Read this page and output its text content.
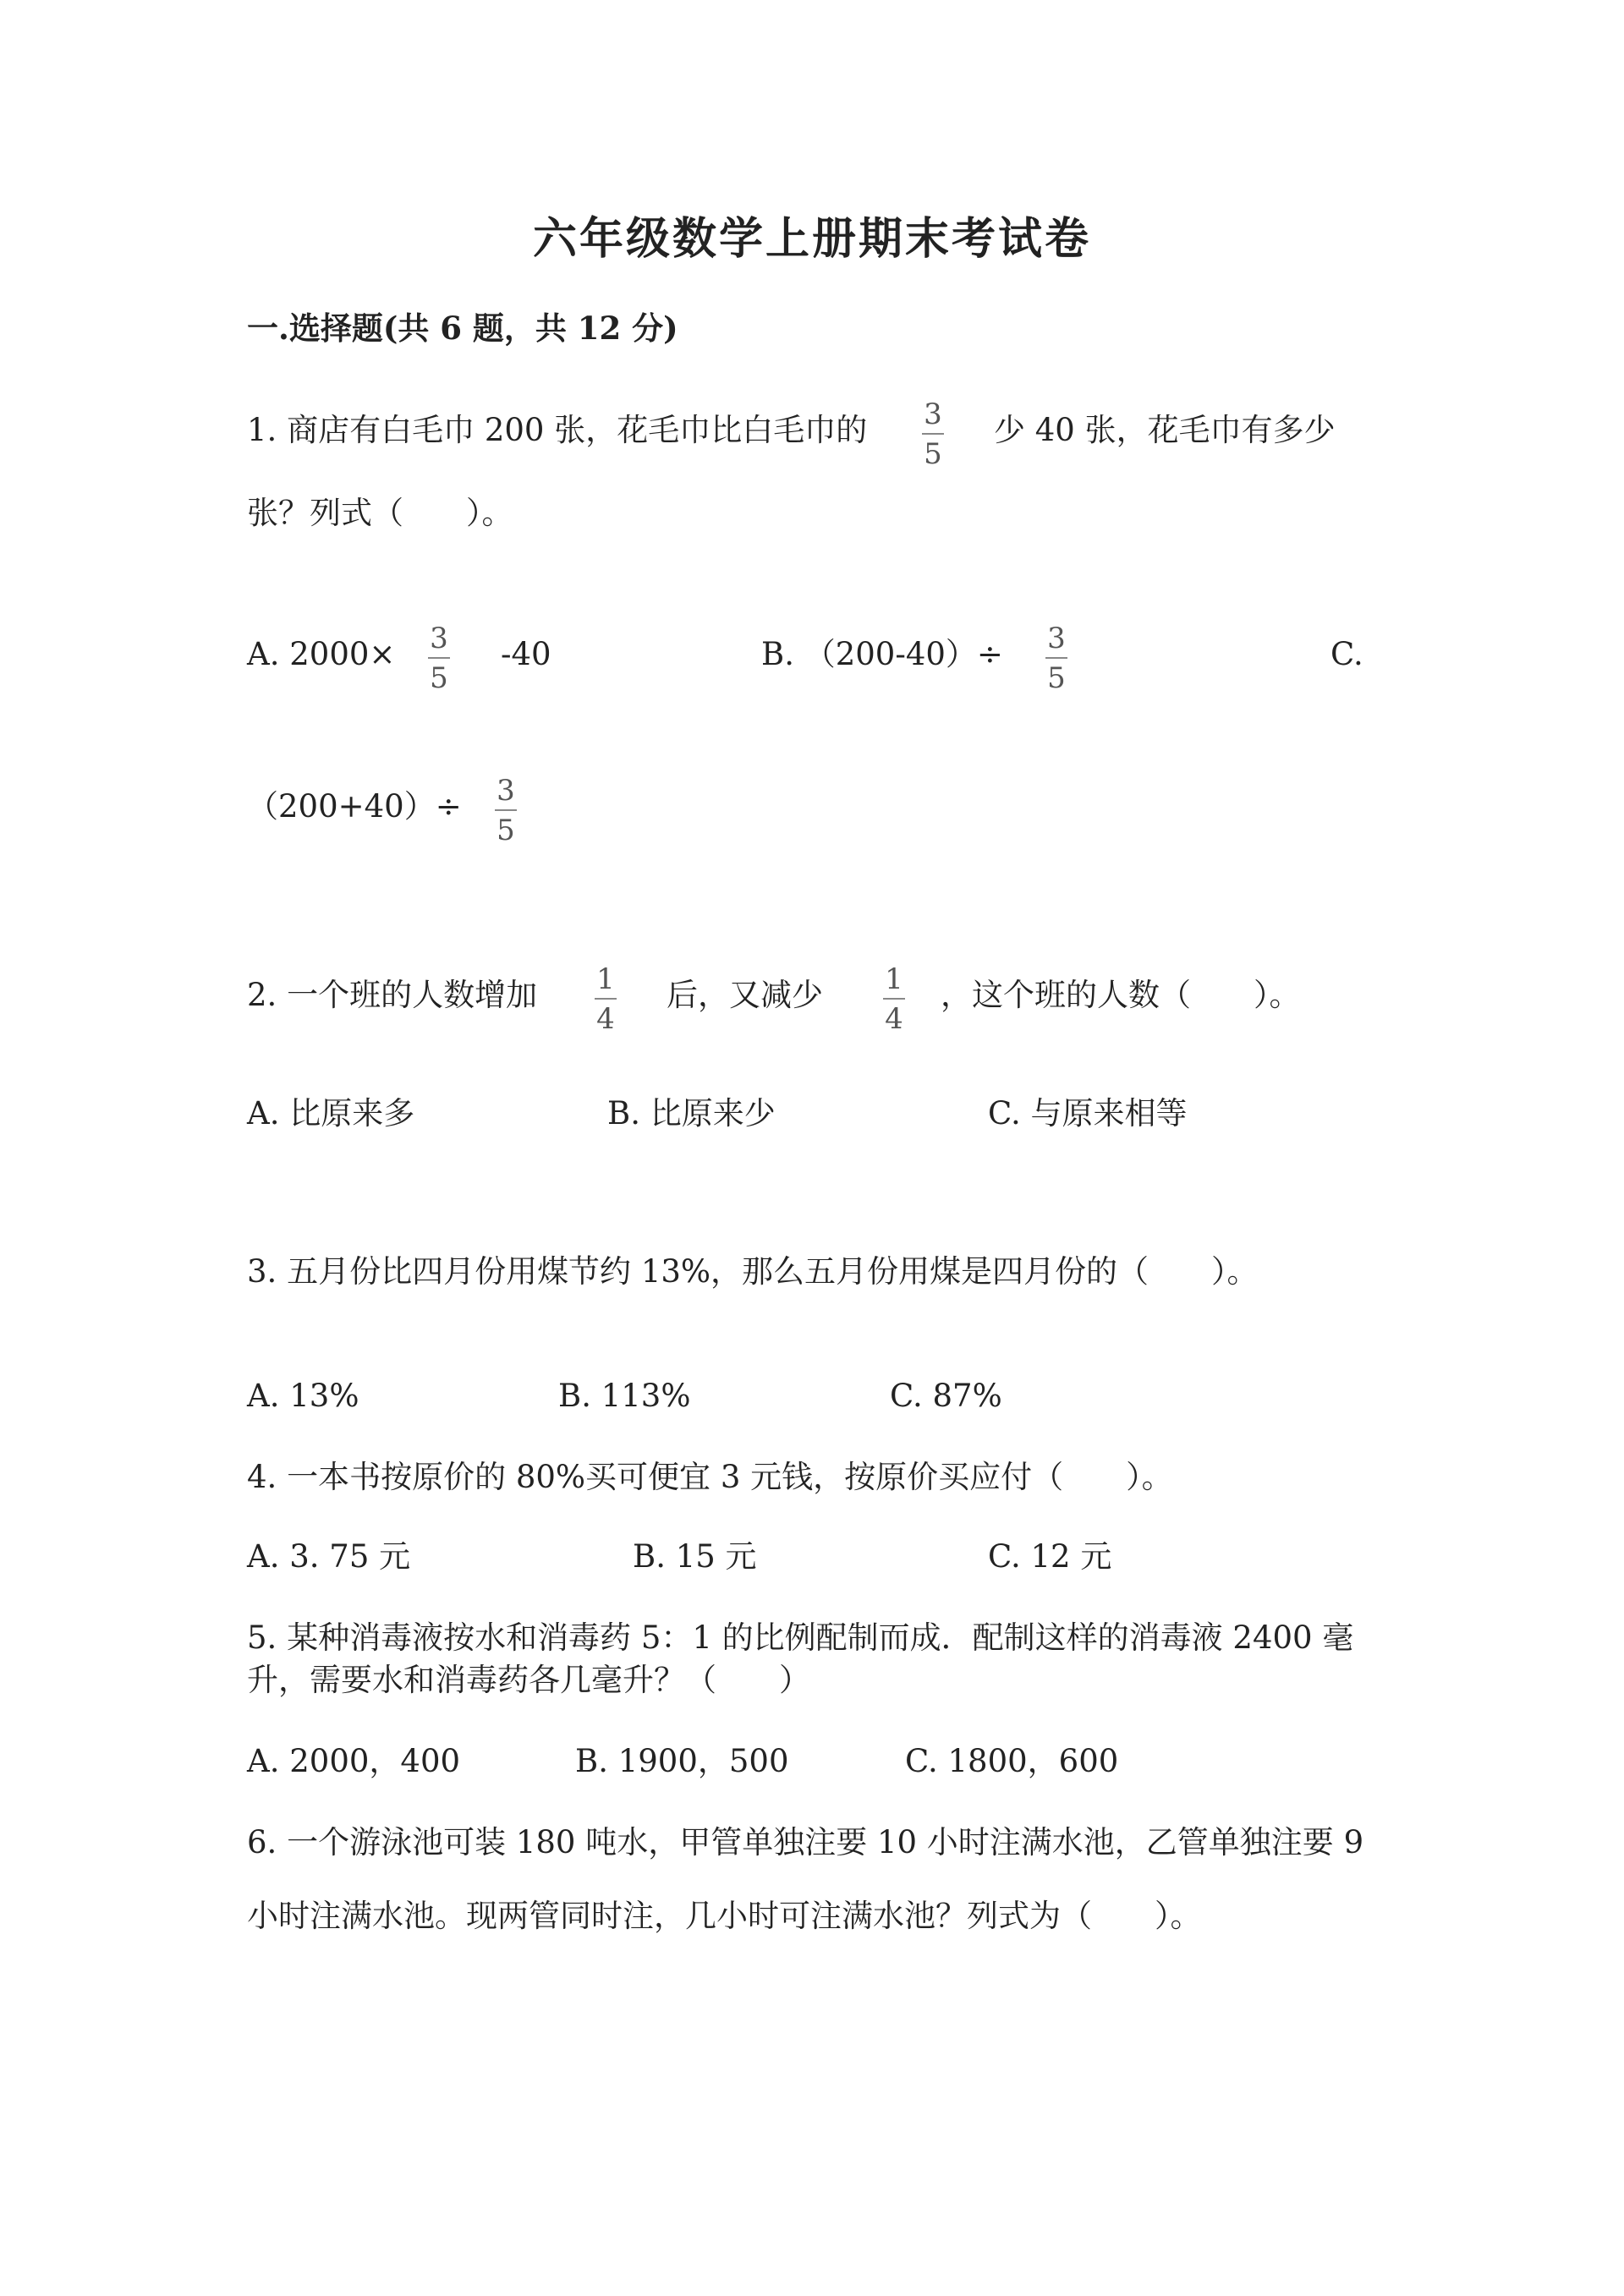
六年级数学上册期末考试卷
一.选择题(共 6 题，共 12 分)
1. 商店有白毛巾 200 张，花毛巾比白毛巾的 3
5
少 40 张，花毛巾有多少
张？列式（　　）。
A. 2000× 3
5
-40	B. （200-40）÷ 3
5
C.
（200+40）÷ 3
5
2. 一个班的人数增加 1
4
后，又减少 1
4
，这个班的人数（　　）。
A. 比原来多	B. 比原来少	C. 与原来相等
3. 五月份比四月份用煤节约 13%，那么五月份用煤是四月份的（　　）。
A. 13%	B. 113%	C. 87%
4. 一本书按原价的 80%买可便宜 3 元钱，按原价买应付（　　）。
A. 3. 75 元	B. 15 元	C. 12 元
5. 某种消毒液按水和消毒药 5：1 的比例配制而成．配制这样的消毒液 2400 毫
升，需要水和消毒药各几毫升？（　　）
A. 2000，400	B. 1900，500	C. 1800，600
6. 一个游泳池可装 180 吨水，甲管单独注要 10 小时注满水池，乙管单独注要 9
小时注满水池。现两管同时注，几小时可注满水池？列式为（　　）。
